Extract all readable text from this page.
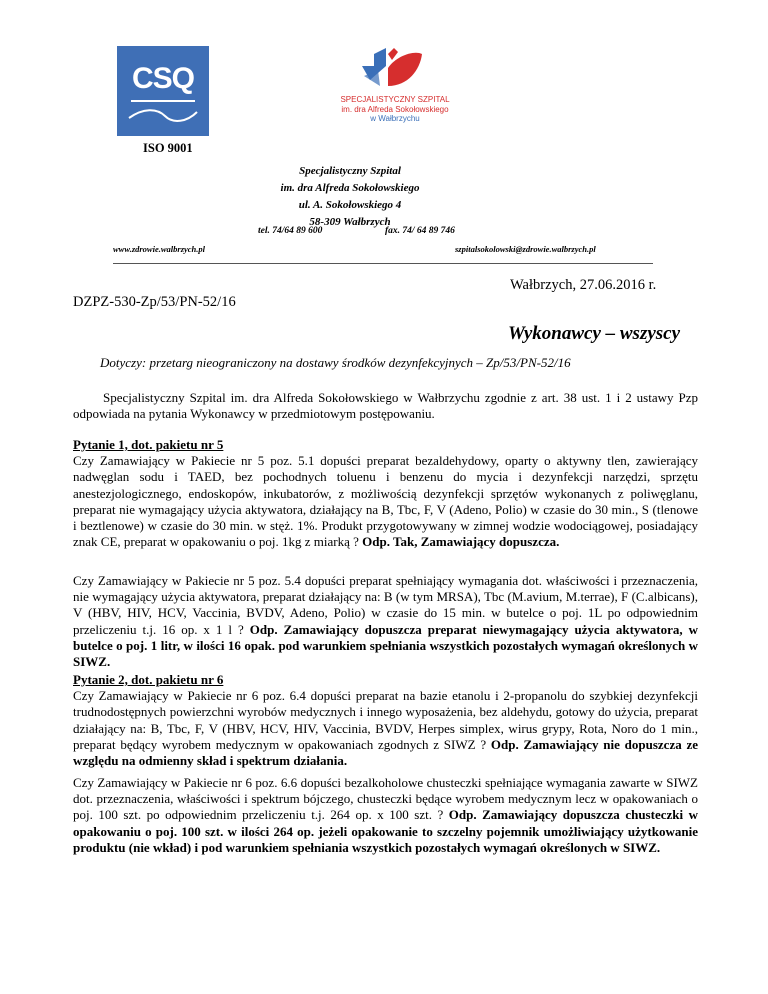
CSQ
ISO 9001
SPECJALISTYCZNY SZPITAL
im. dra Alfreda Sokołowskiego
w Wałbrzychu
Specjalistyczny Szpital
im. dra Alfreda Sokołowskiego
ul. A. Sokołowskiego 4
58-309 Wałbrzych
tel. 74/64 89 600	fax. 74/ 64 89 746
www.zdrowie.walbrzych.pl	szpitalsokolowski@zdrowie.walbrzych.pl
Wałbrzych, 27.06.2016 r.
DZPZ-530-Zp/53/PN-52/16
Wykonawcy – wszyscy
Dotyczy: przetarg nieograniczony na dostawy środków dezynfekcyjnych – Zp/53/PN-52/16
Specjalistyczny Szpital im. dra Alfreda Sokołowskiego w Wałbrzychu zgodnie z art. 38 ust. 1 i 2 ustawy Pzp odpowiada na pytania Wykonawcy w przedmiotowym postępowaniu.
Pytanie 1, dot. pakietu nr 5
Czy Zamawiający w Pakiecie nr 5 poz. 5.1 dopuści preparat bezaldehydowy, oparty o aktywny tlen, zawierający nadwęglan sodu i TAED, bez pochodnych toluenu i benzenu do mycia i dezynfekcji narzędzi, sprzętu anestezjologicznego, endoskopów, inkubatorów, z możliwością dezynfekcji sprzętów wykonanych z poliwęglanu, preparat nie wymagający użycia aktywatora, działający na B, Tbc, F, V (Adeno, Polio) w czasie do 30 min., S (tlenowe i beztlenowe) w czasie do 30 min. w stęż. 1%. Produkt przygotowywany w zimnej wodzie wodociągowej, posiadający znak CE, preparat w opakowaniu o poj. 1kg z miarką ? Odp. Tak, Zamawiający dopuszcza.
Czy Zamawiający w Pakiecie nr 5 poz. 5.4 dopuści preparat spełniający wymagania dot. właściwości i przeznaczenia, nie wymagający użycia aktywatora, preparat działający na: B (w tym MRSA), Tbc (M.avium, M.terrae), F (C.albicans), V (HBV, HIV, HCV, Vaccinia, BVDV, Adeno, Polio) w czasie do 15 min. w butelce o poj. 1L po odpowiednim przeliczeniu t.j. 16 op. x 1 l ? Odp. Zamawiający dopuszcza preparat niewymagający użycia aktywatora, w butelce o poj. 1 litr, w ilości 16 opak. pod warunkiem spełniania wszystkich pozostałych wymagań określonych w SIWZ.
Pytanie 2, dot. pakietu nr 6
Czy Zamawiający w Pakiecie nr 6 poz. 6.4 dopuści preparat na bazie etanolu i 2-propanolu do szybkiej dezynfekcji trudnodostępnych powierzchni wyrobów medycznych i innego wyposażenia, bez aldehydu, gotowy do użycia, preparat działający na: B, Tbc, F, V (HBV, HCV, HIV, Vaccinia, BVDV, Herpes simplex, wirus grypy, Rota, Noro do 1 min., preparat będący wyrobem medycznym w opakowaniach zgodnych z SIWZ ? Odp. Zamawiający nie dopuszcza ze względu na odmienny skład i spektrum działania.
Czy Zamawiający w Pakiecie nr 6 poz. 6.6 dopuści bezalkoholowe chusteczki spełniające wymagania zawarte w SIWZ dot. przeznaczenia, właściwości i spektrum bójczego, chusteczki będące wyrobem medycznym lecz w opakowaniach o poj. 100 szt. po odpowiednim przeliczeniu t.j. 264 op. x 100 szt. ? Odp. Zamawiający dopuszcza chusteczki w opakowaniu o poj. 100 szt. w ilości 264 op. jeżeli opakowanie to szczelny pojemnik umożliwiający użytkowanie produktu (nie wkład) i pod warunkiem spełniania wszystkich pozostałych wymagań określonych w SIWZ.
